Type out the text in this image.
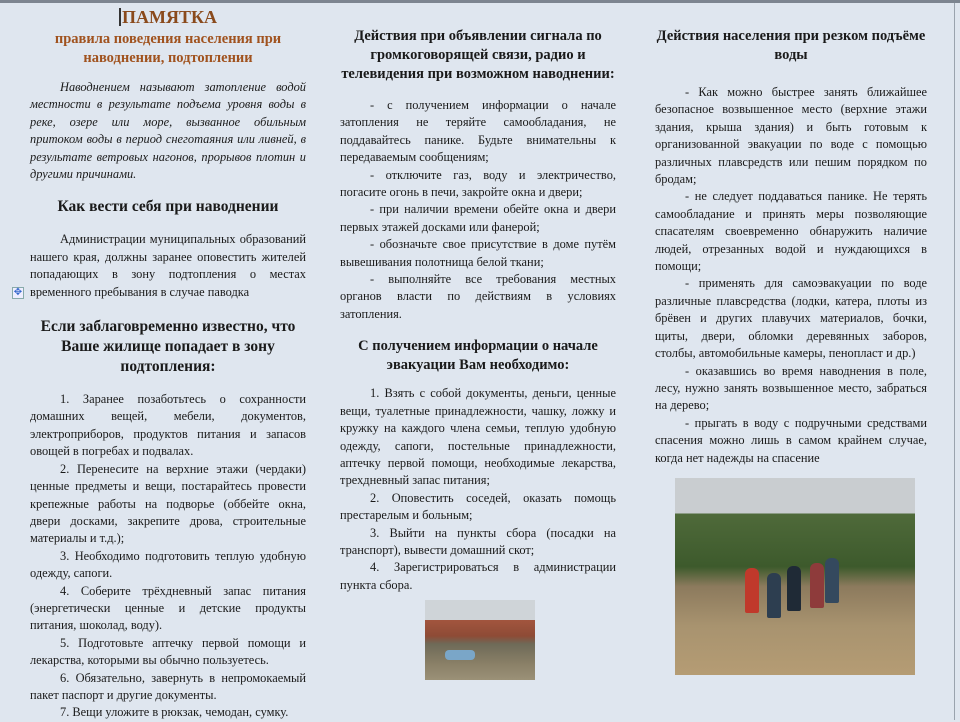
ПАМЯТКА
правила поведения населения при наводнении, подтоплении

Наводнением называют затопление водой местности в результате подъема уровня воды в реке, озере или море, вызванное обильным притоком воды в период снеготаяния или ливней, в результате ветровых нагонов, прорывов плотин и другими причинами.

Как вести себя при наводнении

Администрации муниципальных образований нашего края, должны заранее оповестить жителей попадающих в зону подтопления о местах временного пребывания в случае паводка

✥
Если заблаговременно известно, что Ваше жилище попадает в зону подтопления:

1. Заранее позаботьтесь о сохранности домашних вещей, мебели, документов, электроприборов, продуктов питания и запасов овощей в погребах и подвалах.

2. Перенесите на верхние этажи (чердаки) ценные предметы и вещи, постарайтесь провести крепежные работы на подворье (оббейте окна, двери досками, закрепите дрова, строительные материалы и т.д.);

3. Необходимо подготовить теплую удобную одежду, сапоги.

4. Соберите трёхдневный запас питания (энергетически ценные и детские продукты питания, шоколад, воду).

5. Подготовьте аптечку первой помощи и лекарства, которыми вы обычно пользуетесь.

6. Обязательно, завернуть в непромокаемый пакет паспорт и другие документы.

7. Вещи уложите в рюкзак, чемодан, сумку.

Действия при объявлении сигнала по громкоговорящей связи, радио и телевидения при возможном наводнении:

- с получением информации о начале затопления не теряйте самообладания, не поддавайтесь панике. Будьте внимательны к передаваемым сообщениям;

- отключите газ, воду и электричество, погасите огонь в печи, закройте окна и двери;

- при наличии времени обейте окна и двери первых этажей досками или фанерой;

- обозначьте свое присутствие в доме путём вывешивания полотнища белой ткани;

- выполняйте все требования местных органов власти по действиям в условиях затопления.

С получением информации о начале эвакуации Вам необходимо:

1. Взять с собой документы, деньги, ценные вещи, туалетные принадлежности, чашку, ложку и кружку на каждого члена семьи, теплую удобную одежду, сапоги, постельные принадлежности, аптечку первой помощи, необходимые лекарства, трехдневный запас питания;

2. Оповестить соседей, оказать помощь престарелым и больным;

3. Выйти на пункты сбора (посадки на транспорт), вывести домашний скот;

4. Зарегистрироваться в администрации пункта сбора.

Действия населения при резком подъёме воды

- Как можно быстрее занять ближайшее безопасное возвышенное место (верхние этажи здания, крыша здания) и быть готовым к организованной эвакуации по воде с помощью различных плавсредств или пешим порядком по бродам;

- не следует поддаваться панике. Не терять самообладание и принять меры позволяющие спасателям своевременно обнаружить наличие людей, отрезанных водой и нуждающихся в помощи;

- применять для самоэвакуации по воде различные плавсредства (лодки, катера, плоты из брёвен и других плавучих материалов, бочки, щиты, двери, обломки деревянных заборов, столбы, автомобильные камеры, пенопласт и др.)

- оказавшись во время наводнения в поле, лесу, нужно занять возвышенное место, забраться на дерево;

- прыгать в воду с подручными средствами спасения можно лишь в самом крайнем случае, когда нет надежды на спасение
